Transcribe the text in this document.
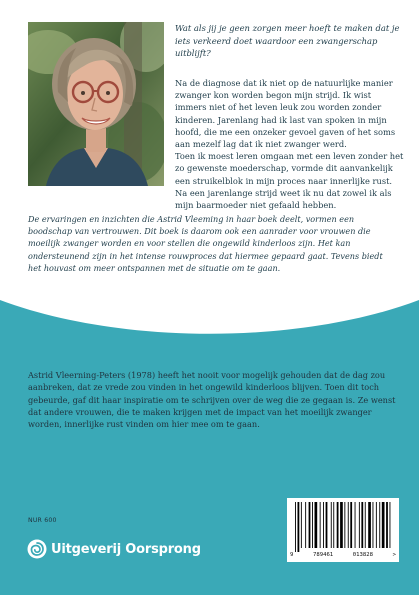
Wat als jij je geen zorgen meer hoeft te maken dat je iets verkeerd doet waardoor een zwangerschap uitblijft?

Na de diagnose dat ik niet op de natuurlijke manier zwanger kon worden begon mijn strijd. Ik wist immers niet of het leven leuk zou worden zonder kinderen. Jarenlang had ik last van spoken in mijn hoofd, die me een onzeker gevoel gaven of het soms aan mezelf lag dat ik niet zwanger werd.

Toen ik moest leren omgaan met een leven zonder het zo gewenste moederschap, vormde dit aanvankelijk een struikelblok in mijn proces naar innerlijke rust. Na een jarenlange strijd weet ik nu dat zowel ik als mijn baarmoeder niet gefaald hebben.

De ervaringen en inzichten die Astrid Vleeming in haar boek deelt, vormen een boodschap van vertrouwen. Dit boek is daarom ook een aanrader voor vrouwen die moeilijk zwanger worden en voor stellen die ongewild kinderloos zijn. Het kan ondersteunend zijn in het intense rouwproces dat hiermee gepaard gaat. Tevens biedt het houvast om meer ontspannen met de situatie om te gaan.
Astrid Vleerning-Peters (1978) heeft het nooit voor mogelijk gehouden dat de dag zou aanbreken, dat ze vrede zou vinden in het ongewild kinderloos blijven. Toen dit toch gebeurde, gaf dit haar inspiratie om te schrijven over de weg die ze gegaan is. Ze wenst dat andere vrouwen, die te maken krijgen met de impact van het moeilijk zwanger worden, innerlijke rust vinden om hier mee om te gaan.
NUR 600
Uitgeverij Oorsprong	9	789461	013828	>
